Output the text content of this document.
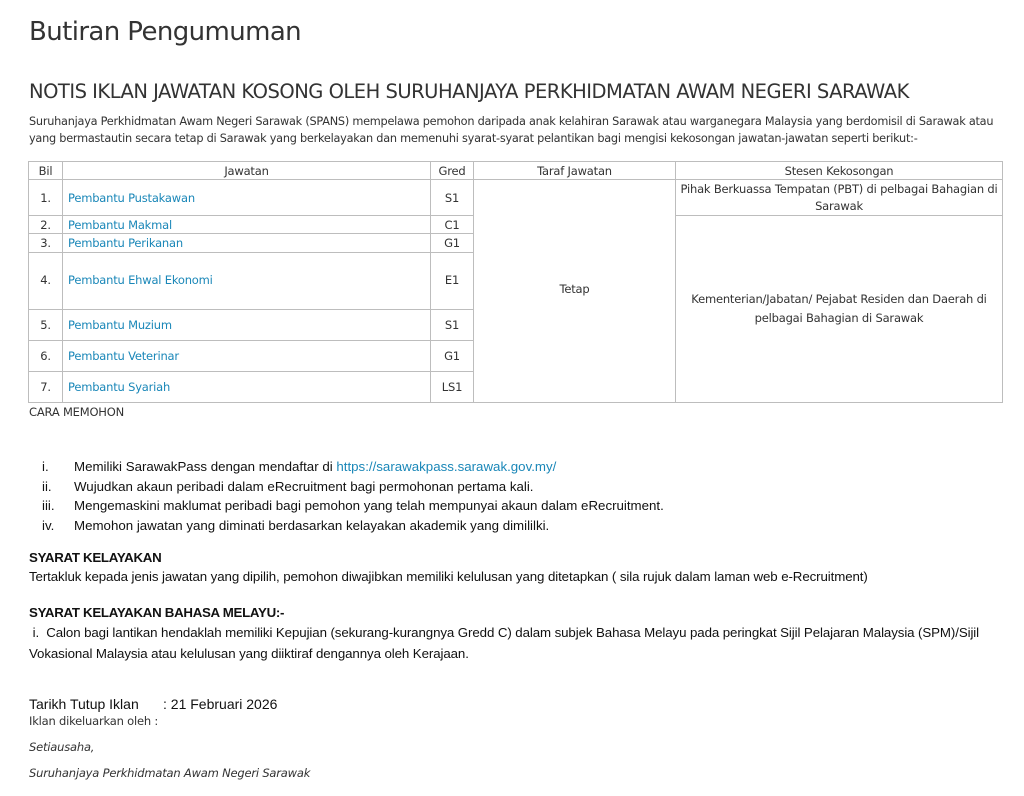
Butiran Pengumuman
NOTIS IKLAN JAWATAN KOSONG OLEH SURUHANJAYA PERKHIDMATAN AWAM NEGERI SARAWAK

Suruhanjaya Perkhidmatan Awam Negeri Sarawak (SPANS) mempelawa pemohon daripada anak kelahiran Sarawak atau warganegara Malaysia yang berdomisil di Sarawak atau yang bermastautin secara tetap di Sarawak yang berkelayakan dan memenuhi syarat-syarat pelantikan bagi mengisi kekosongan jawatan-jawatan seperti berikut:-

Bil	Jawatan	Gred	Taraf Jawatan	Stesen Kekosongan
1.	Pembantu Pustakawan	S1	Tetap	Pihak Berkuassa Tempatan (PBT) di pelbagai Bahagian di Sarawak
2.	Pembantu Makmal	C1		Kementerian/Jabatan/ Pejabat Residen dan Daerah di pelbagai Bahagian di Sarawak
3.	Pembantu Perikanan	G1		
4.	Pembantu Ehwal Ekonomi	E1		
5.	Pembantu Muzium	S1		
6.	Pembantu Veterinar	G1		
7.	Pembantu Syariah	LS1		

CARA MEMOHON

i. Memiliki SarawakPass dengan mendaftar di https://sarawakpass.sarawak.gov.my/
ii. Wujudkan akaun peribadi dalam eRecruitment bagi permohonan pertama kali.
iii. Mengemaskini maklumat peribadi bagi pemohon yang telah mempunyai akaun dalam eRecruitment.
iv. Memohon jawatan yang diminati berdasarkan kelayakan akademik yang dimililki.

SYARAT KELAYAKAN

Tertakluk kepada jenis jawatan yang dipilih, pemohon diwajibkan memiliki kelulusan yang ditetapkan ( sila rujuk dalam laman web e-Recruitment)

SYARAT KELAYAKAN BAHASA MELAYU:-

i.  Calon bagi lantikan hendaklah memiliki Kepujian (sekurang-kurangnya Gredd C) dalam subjek Bahasa Melayu pada peringkat Sijil Pelajaran Malaysia (SPM)/Sijil Vokasional Malaysia atau kelulusan yang diiktiraf dengannya oleh Kerajaan.

Tarikh Tutup Iklan : 21 Februari 2026

Iklan dikeluarkan oleh :

Setiausaha,

Suruhanjaya Perkhidmatan Awam Negeri Sarawak
